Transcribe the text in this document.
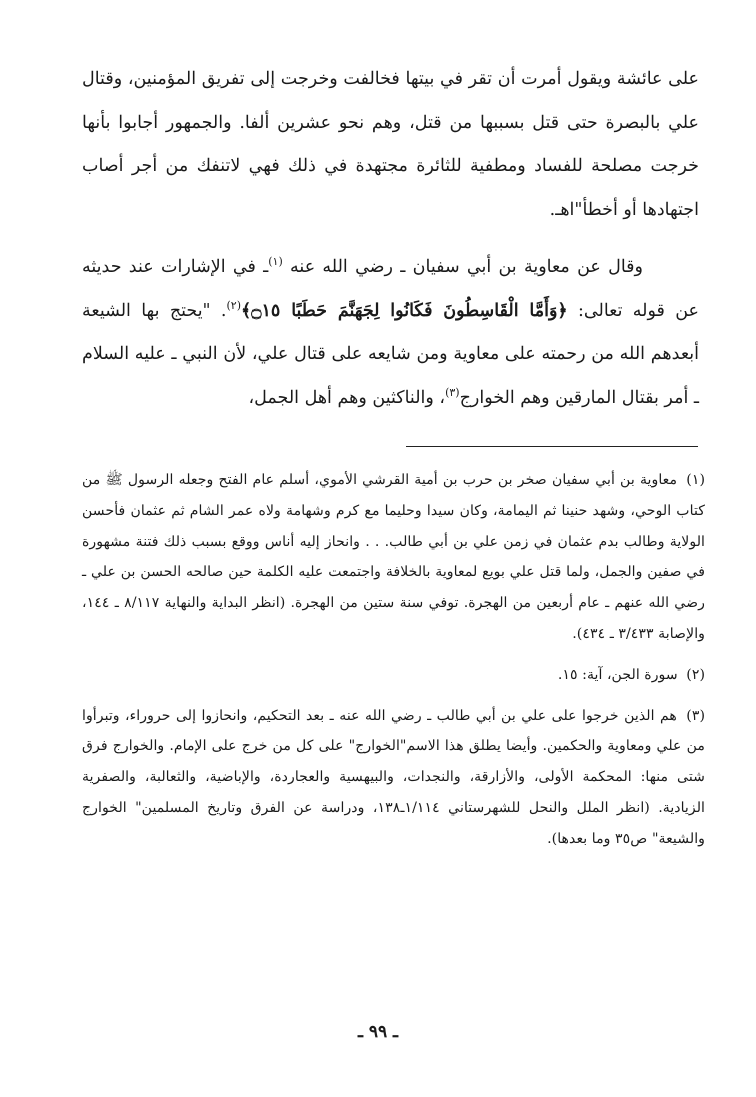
على عائشة ويقول أمرت أن تقر في بيتها فخالفت وخرجت إلى تفريق المؤمنين، وقتال علي بالبصرة حتى قتل بسببها من قتل، وهم نحو عشرين ألفا. والجمهور أجابوا بأنها خرجت مصلحة للفساد ومطفية للثائرة مجتهدة في ذلك فهي لاتنفك من أجر أصاب اجتهادها أو أخطأ"اهـ.

وقال عن معاوية بن أبي سفيان ـ رضي الله عنه $^{(١)}$ـ في الإشارات عند حديثه عن قوله تعالى: ﴿وَأَمَّا الْقَاسِطُونَ فَكَانُوا لِجَهَنَّمَ حَطَبًا ۝١٥﴾$^{(٢)}$. "يحتج بها الشيعة أبعدهم الله من رحمته على معاوية ومن شايعه على قتال علي، لأن النبي ـ عليه السلام ـ أمر بقتال المارقين وهم الخوارج$^{(٣)}$، والناكثين وهم أهل الجمل،

(١) معاوية بن أبي سفيان صخر بن حرب بن أمية القرشي الأموي، أسلم عام الفتح وجعله الرسول ﷺ من كتاب الوحي، وشهد حنينا ثم اليمامة، وكان سيدا وحليما مع كرم وشهامة ولاه عمر الشام ثم عثمان فأحسن الولاية وطالب بدم عثمان في زمن علي بن أبي طالب. . . وانحاز إليه أناس ووقع بسبب ذلك فتنة مشهورة في صفين والجمل، ولما قتل علي بويع لمعاوية بالخلافة واجتمعت عليه الكلمة حين صالحه الحسن بن علي ـ رضي الله عنهم ـ عام أربعين من الهجرة. توفي سنة ستين من الهجرة. (انظر البداية والنهاية ٨/١١٧ ـ ١٤٤، والإصابة ٣/٤٣٣ ـ ٤٣٤).

(٢) سورة الجن، آية: ١٥.

(٣) هم الذين خرجوا على علي بن أبي طالب ـ رضي الله عنه ـ بعد التحكيم، وانحازوا إلى حروراء، وتبرأوا من علي ومعاوية والحكمين. وأيضا يطلق هذا الاسم"الخوارج" على كل من خرج على الإمام. والخوارج فرق شتى منها: المحكمة الأولى، والأزارقة، والنجدات، والبيهسية والعجاردة، والإباضية، والثعالبة، والصفرية الزيادية. (انظر الملل والنحل للشهرستاني ١/١١٤ـ١٣٨، ودراسة عن الفرق وتاريخ المسلمين" الخوارج والشيعة" ص٣٥ وما بعدها).

ـ ٩٩ ـ
